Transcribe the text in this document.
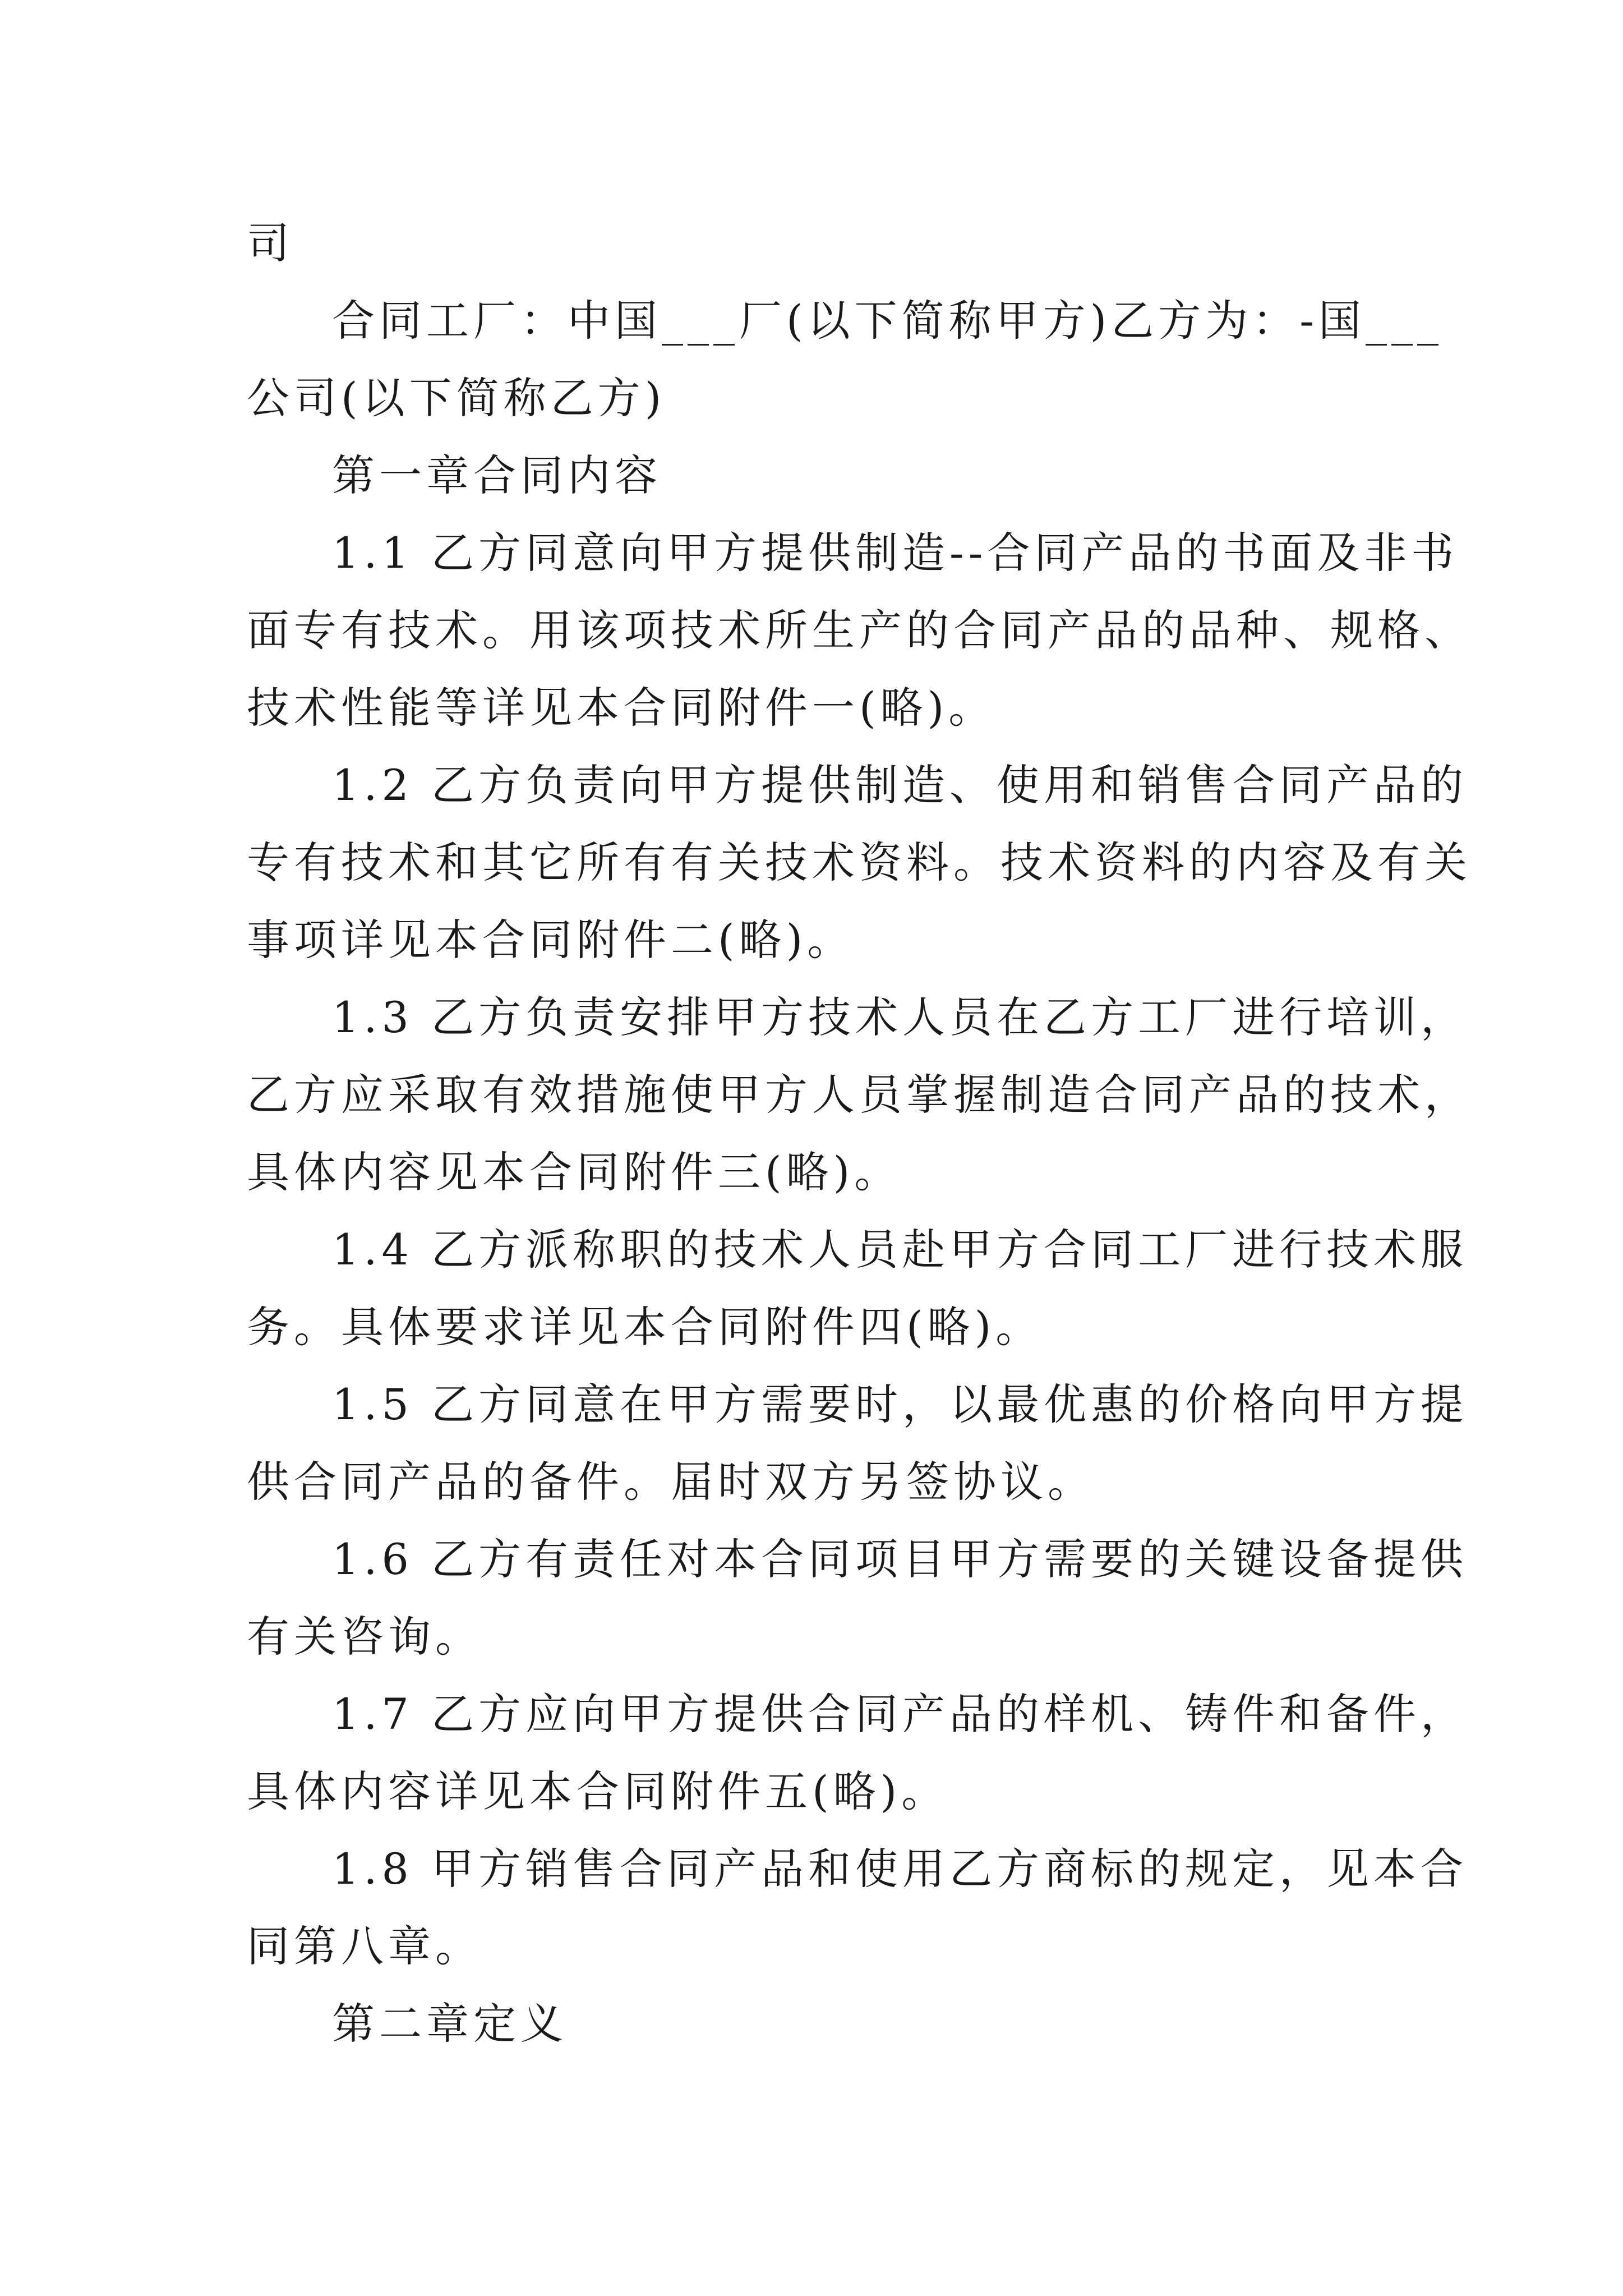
司
合同工厂：中国___厂(以下简称甲方)乙方为：-国___
公司(以下简称乙方)
第一章合同内容
1.1 乙方同意向甲方提供制造--合同产品的书面及非书
面专有技术。用该项技术所生产的合同产品的品种、规格、
技术性能等详见本合同附件一(略)。
1.2 乙方负责向甲方提供制造、使用和销售合同产品的
专有技术和其它所有有关技术资料。技术资料的内容及有关
事项详见本合同附件二(略)。
1.3 乙方负责安排甲方技术人员在乙方工厂进行培训，
乙方应采取有效措施使甲方人员掌握制造合同产品的技术，
具体内容见本合同附件三(略)。
1.4 乙方派称职的技术人员赴甲方合同工厂进行技术服
务。具体要求详见本合同附件四(略)。
1.5 乙方同意在甲方需要时，以最优惠的价格向甲方提
供合同产品的备件。届时双方另签协议。
1.6 乙方有责任对本合同项目甲方需要的关键设备提供
有关咨询。
1.7 乙方应向甲方提供合同产品的样机、铸件和备件，
具体内容详见本合同附件五(略)。
1.8 甲方销售合同产品和使用乙方商标的规定，见本合
同第八章。
第二章定义
